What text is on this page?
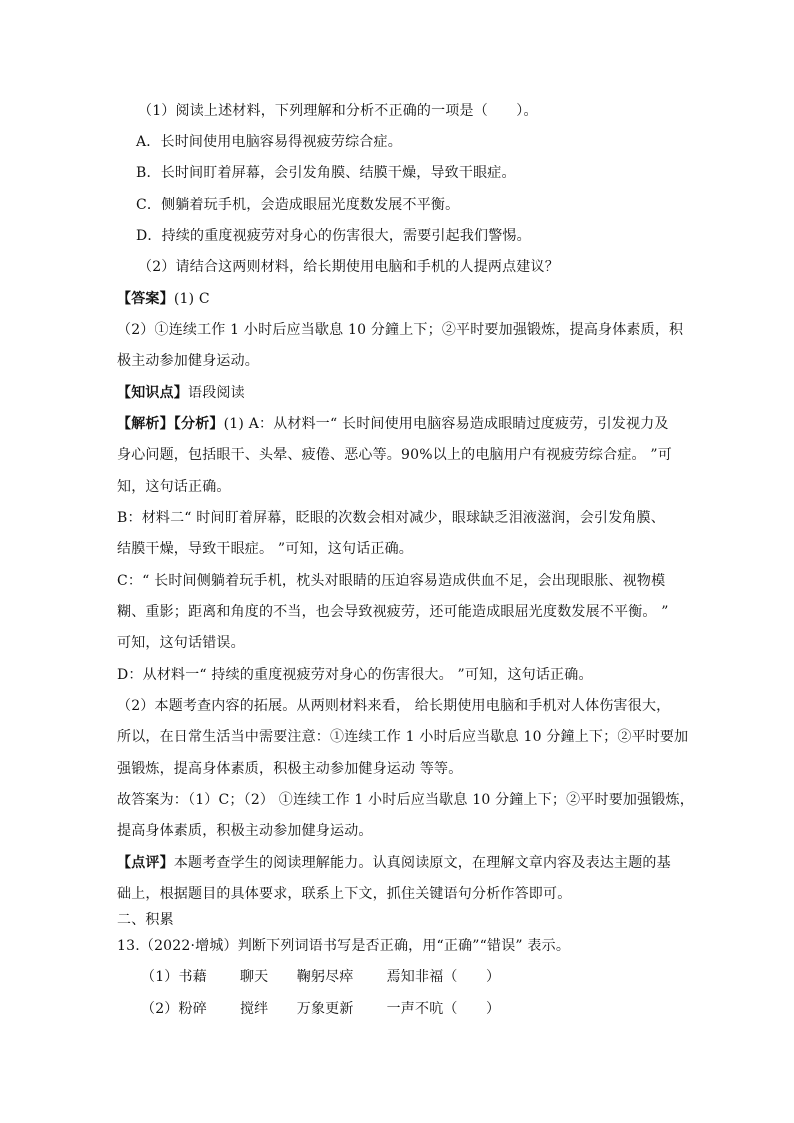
（1）阅读上述材料，下列理解和分析不正确的一项是（　　）。
A．长时间使用电脑容易得视疲劳综合症。
B．长时间盯着屏幕，会引发角膜、结膜干燥，导致干眼症。
C．侧躺着玩手机，会造成眼屈光度数发展不平衡。
D．持续的重度视疲劳对身心的伤害很大，需要引起我们警惕。
（2）请结合这两则材料，给长期使用电脑和手机的人提两点建议？
【答案】(1) C
（2）①连续工作 1 小时后应当歇息 10 分鐘上下；②平时要加强锻炼，提高身体素质，积
极主动参加健身运动。
【知识点】语段阅读
【解析】【分析】(1) A：从材料一“ 长时间使用电脑容易造成眼睛过度疲劳，引发视力及
身心问题，包括眼干、头晕、疲倦、恶心等。90%以上的电脑用户有视疲劳综合症。 ”可
知，这句话正确。
B：材料二“ 时间盯着屏幕，眨眼的次数会相对减少，眼球缺乏泪液滋润，会引发角膜、
结膜干燥，导致干眼症。 ”可知，这句话正确。
C：“ 长时间侧躺着玩手机，枕头对眼睛的压迫容易造成供血不足，会出现眼胀、视物模
糊、重影；距离和角度的不当，也会导致视疲劳，还可能造成眼屈光度数发展不平衡。 ”
可知，这句话错误。
D：从材料一“ 持续的重度视疲劳对身心的伤害很大。 ”可知，这句话正确。
（2）本题考查内容的拓展。从两则材料来看， 给长期使用电脑和手机对人体伤害很大，
所以，在日常生活当中需要注意：①连续工作 1 小时后应当歇息 10 分鐘上下；②平时要加
强锻炼，提高身体素质，积极主动参加健身运动 等等。
故答案为：（1）C；（2） ①连续工作 1 小时后应当歇息 10 分鐘上下；②平时要加强锻炼，
提高身体素质，积极主动参加健身运动。
【点评】本题考查学生的阅读理解能力。认真阅读原文，在理解文章内容及表达主题的基
础上，根据题目的具体要求，联系上下文，抓住关键语句分析作答即可。
二、积累
13.（2022·增城）判断下列词语书写是否正确，用“正确”“错误” 表示。
（1）书藉　　 聊天　　鞠躬尽瘁　　 焉知非福（　　）
（2）粉碎　　 搅绊　　万象更新　　 一声不吭（　　）
